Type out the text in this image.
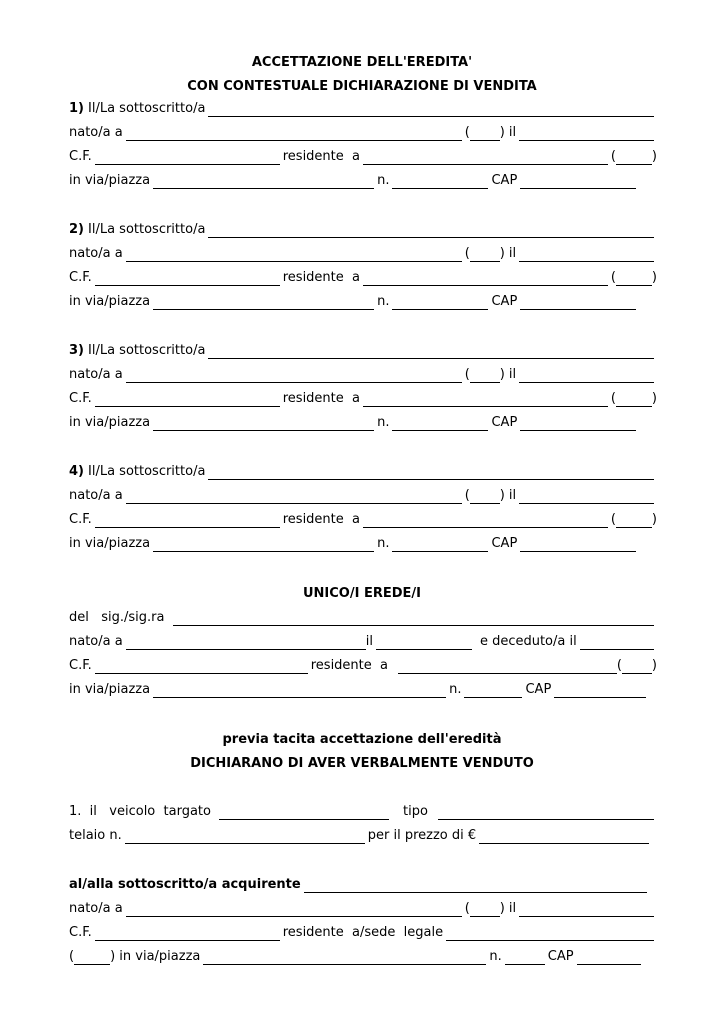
ACCETTAZIONE DELL'EREDITA'
CON CONTESTUALE DICHIARAZIONE DI VENDITA
1) Il/La sottoscritto/a
nato/a a	( ) il
C.F.	residente  a	(	)
in via/piazza	n.	CAP
2) Il/La sottoscritto/a
nato/a a	( ) il
C.F.	residente  a	(	)
in via/piazza	n.	CAP
3) Il/La sottoscritto/a
nato/a a	( ) il
C.F.	residente  a	(	)
in via/piazza	n.	CAP
4) Il/La sottoscritto/a
nato/a a	( ) il
C.F.	residente  a	(	)
in via/piazza	n.	CAP
UNICO/I EREDE/I
del   sig./sig.ra
nato/a a	il	e deceduto/a il
C.F.	residente  a	( )
in via/piazza	n.	CAP
previa tacita accettazione dell'eredità
DICHIARANO DI AVER VERBALMENTE VENDUTO
1.  il   veicolo  targato	tipo
telaio n.	per il prezzo di €
al/alla sottoscritto/a acquirente
nato/a a	( ) il
C.F.	residente  a/sede  legale
(	) in via/piazza	n.	CAP
